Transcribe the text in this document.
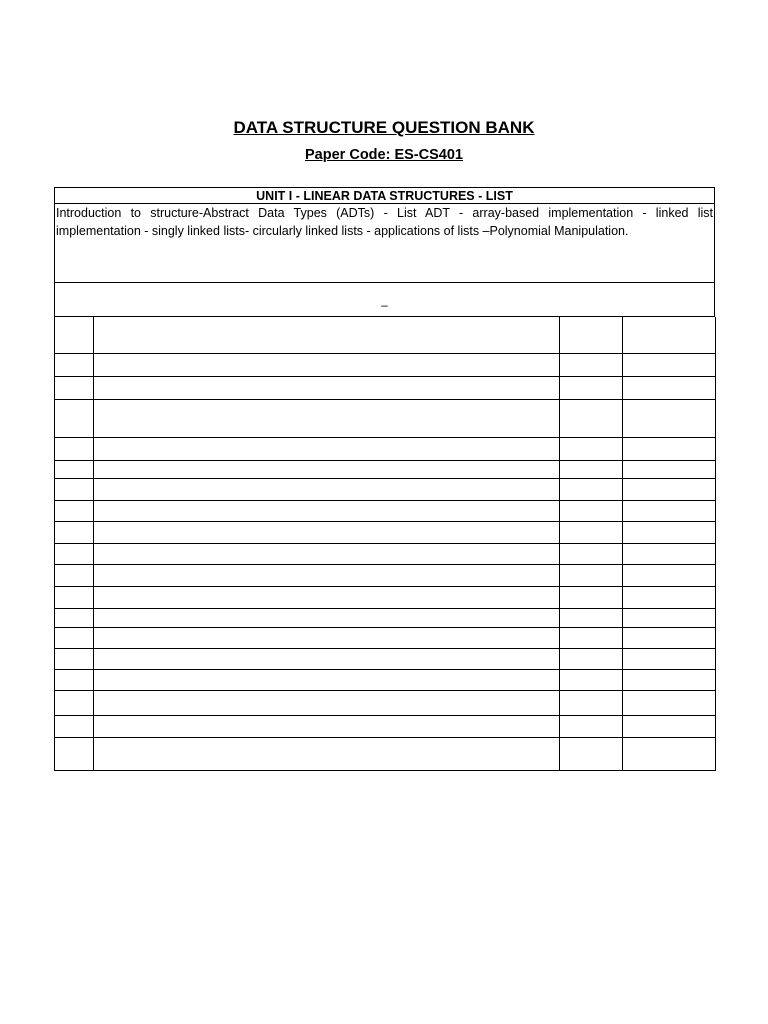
DATA STRUCTURE QUESTION BANK
Paper Code: ES-CS401
UNIT I - LINEAR DATA STRUCTURES - LIST
Introduction to structure-Abstract Data Types (ADTs) - List ADT - array-based implementation - linked list implementation - singly linked lists- circularly linked lists - applications of lists –Polynomial Manipulation.
–
